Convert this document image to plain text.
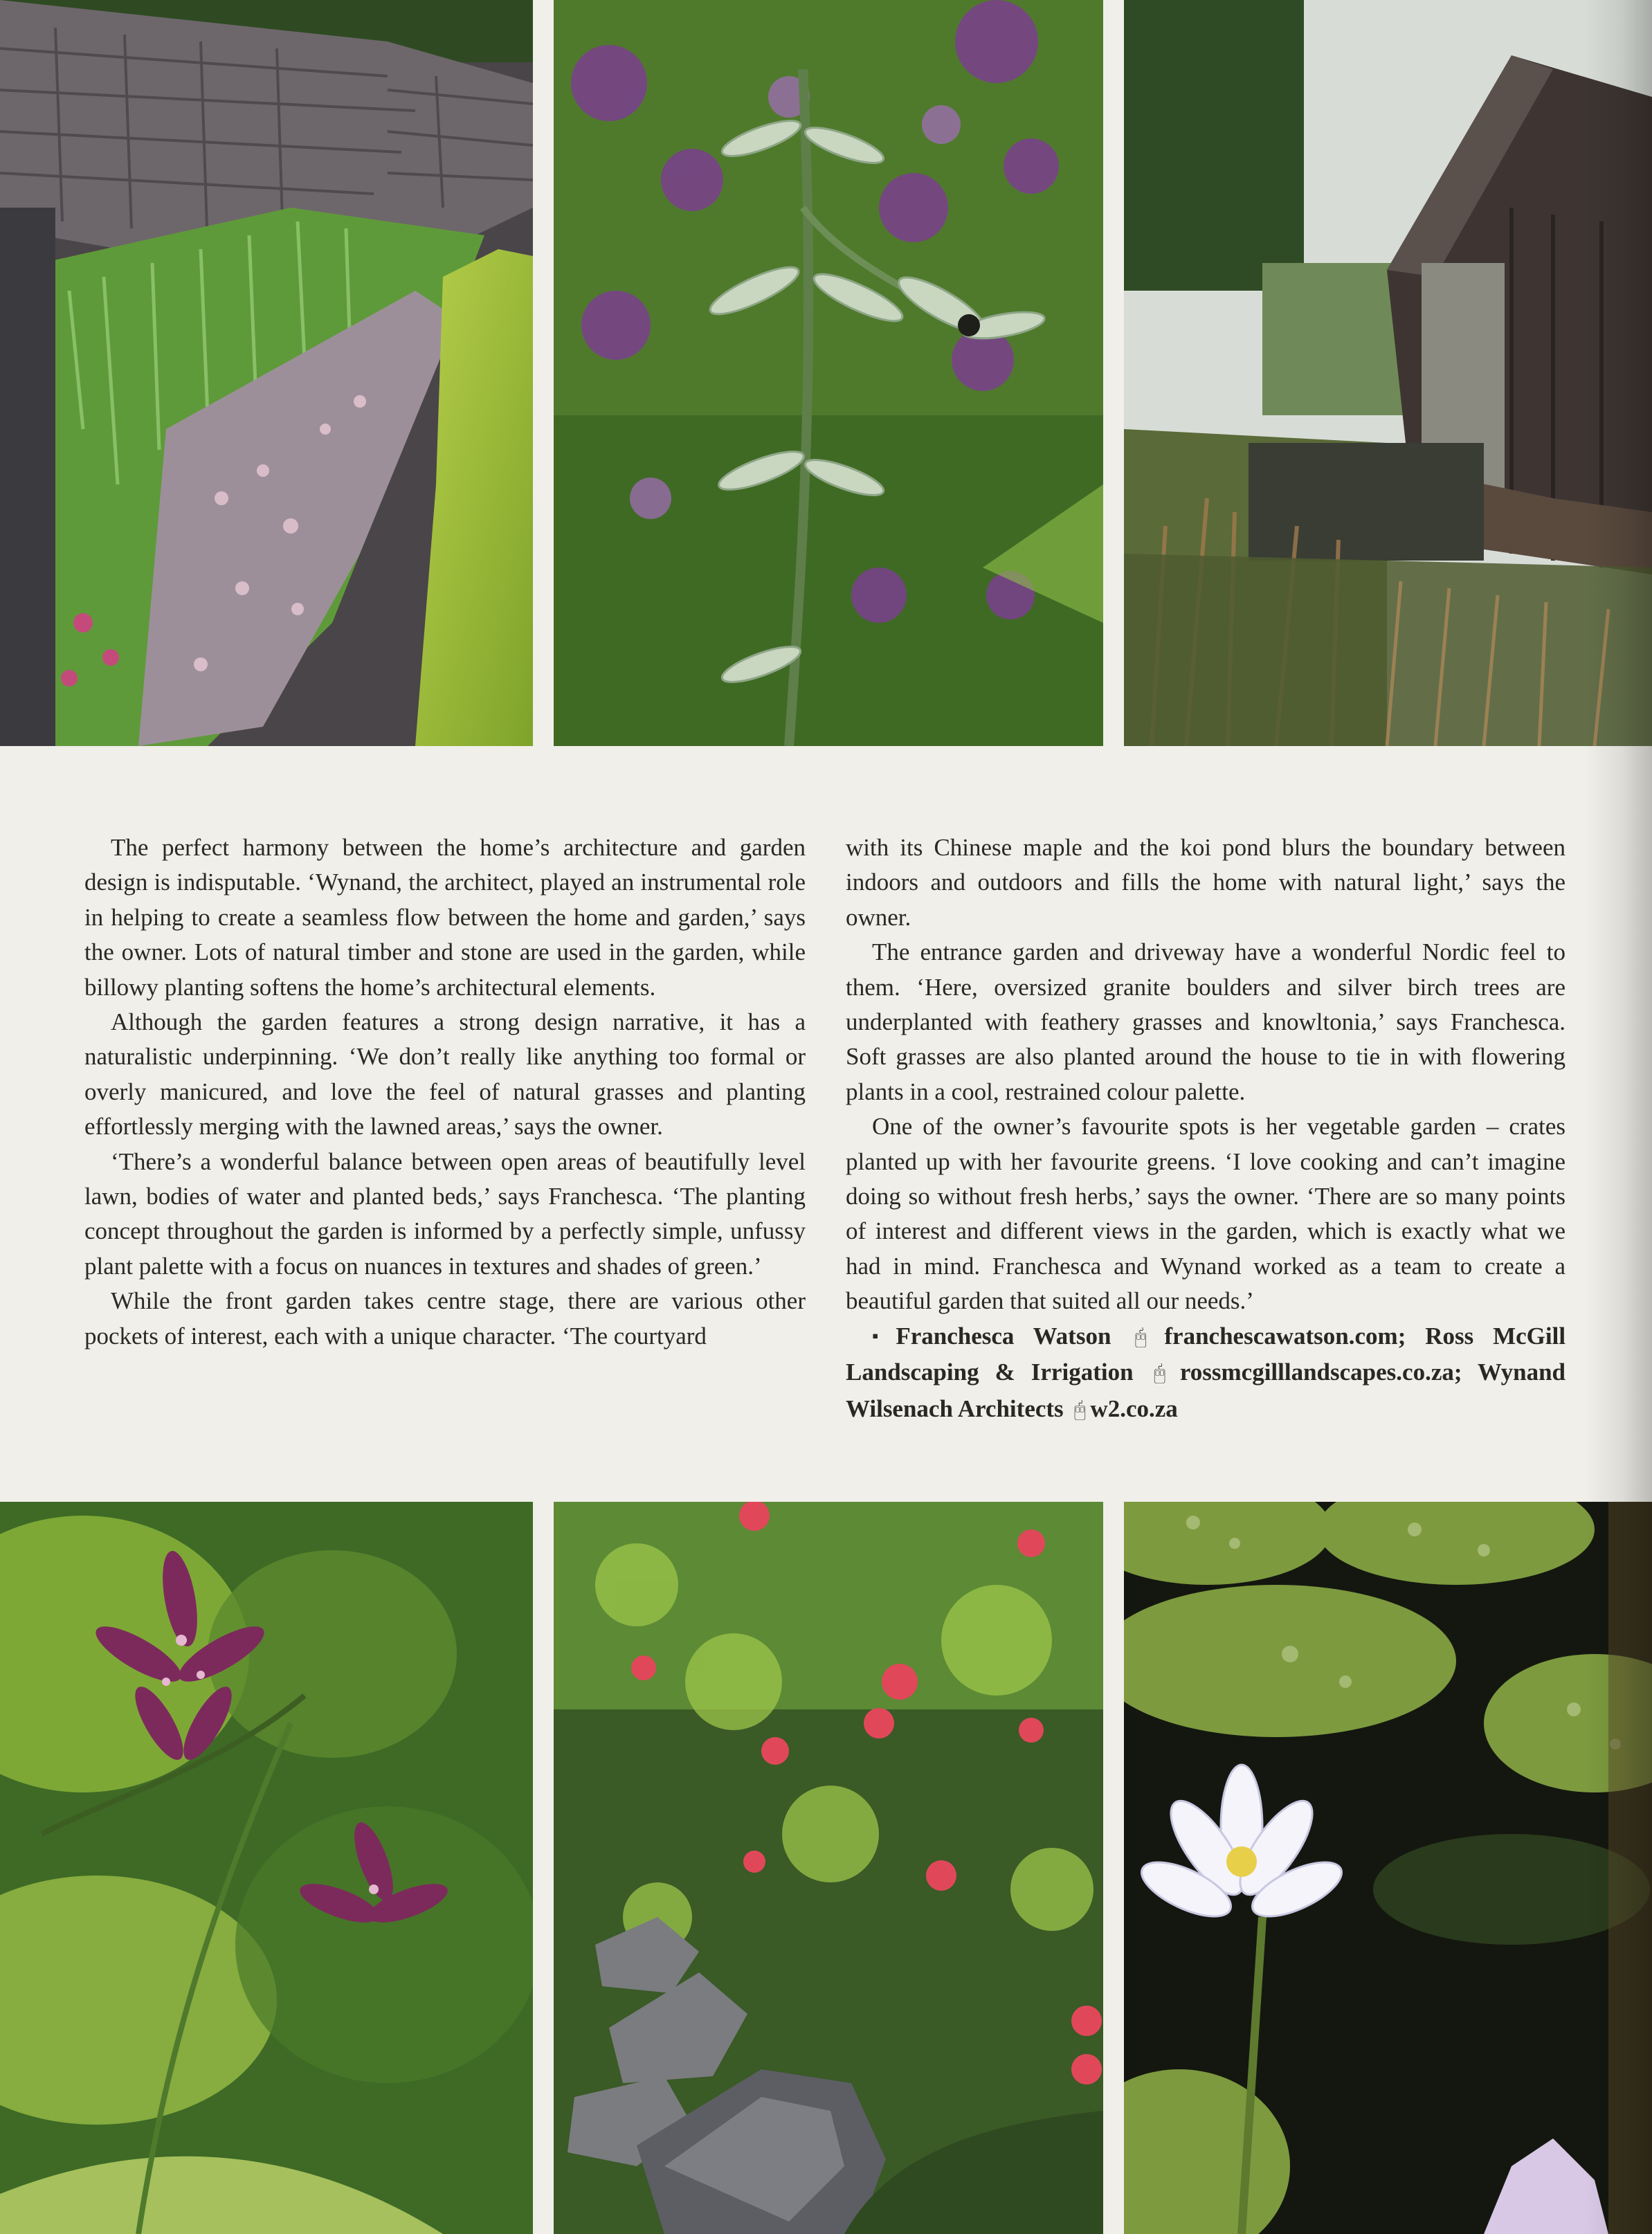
The perfect harmony between the home’s architecture and garden design is indisputable. ‘Wynand, the architect, played an instrumental role in helping to create a seamless flow between the home and garden,’ says the owner. Lots of natural timber and stone are used in the garden, while billowy planting softens the home’s architectural elements.

Although the garden features a strong design narrative, it has a naturalistic underpinning. ‘We don’t really like anything too formal or overly manicured, and love the feel of natural grasses and planting effortlessly merging with the lawned areas,’ says the owner.

‘There’s a wonderful balance between open areas of beautifully level lawn, bodies of water and planted beds,’ says Franchesca. ‘The planting concept throughout the garden is informed by a perfectly simple, unfussy plant palette with a focus on nuances in textures and shades of green.’

While the front garden takes centre stage, there are various other pockets of interest, each with a unique character. ‘The courtyard

with its Chinese maple and the koi pond blurs the boundary between indoors and outdoors and fills the home with natural light,’ says the owner.

The entrance garden and driveway have a wonderful Nordic feel to them. ‘Here, oversized granite boulders and silver birch trees are underplanted with feathery grasses and knowltonia,’ says Franchesca. Soft grasses are also planted around the house to tie in with flowering plants in a cool, restrained colour palette.

One of the owner’s favourite spots is her vegetable garden – crates planted up with her favourite greens. ‘I love cooking and can’t imagine doing so without fresh herbs,’ says the owner. ‘There are so many points of interest and different views in the garden, which is exactly what we had in mind. Franchesca and Wynand worked as a team to create a beautiful garden that suited all our needs.’

▪ Franchesca Watson 🖰 franchescawatson.com; Ross McGill Landscaping & Irrigation 🖰 rossmcgilllandscapes.co.za; Wynand Wilsenach Architects 🖰 w2.co.za
